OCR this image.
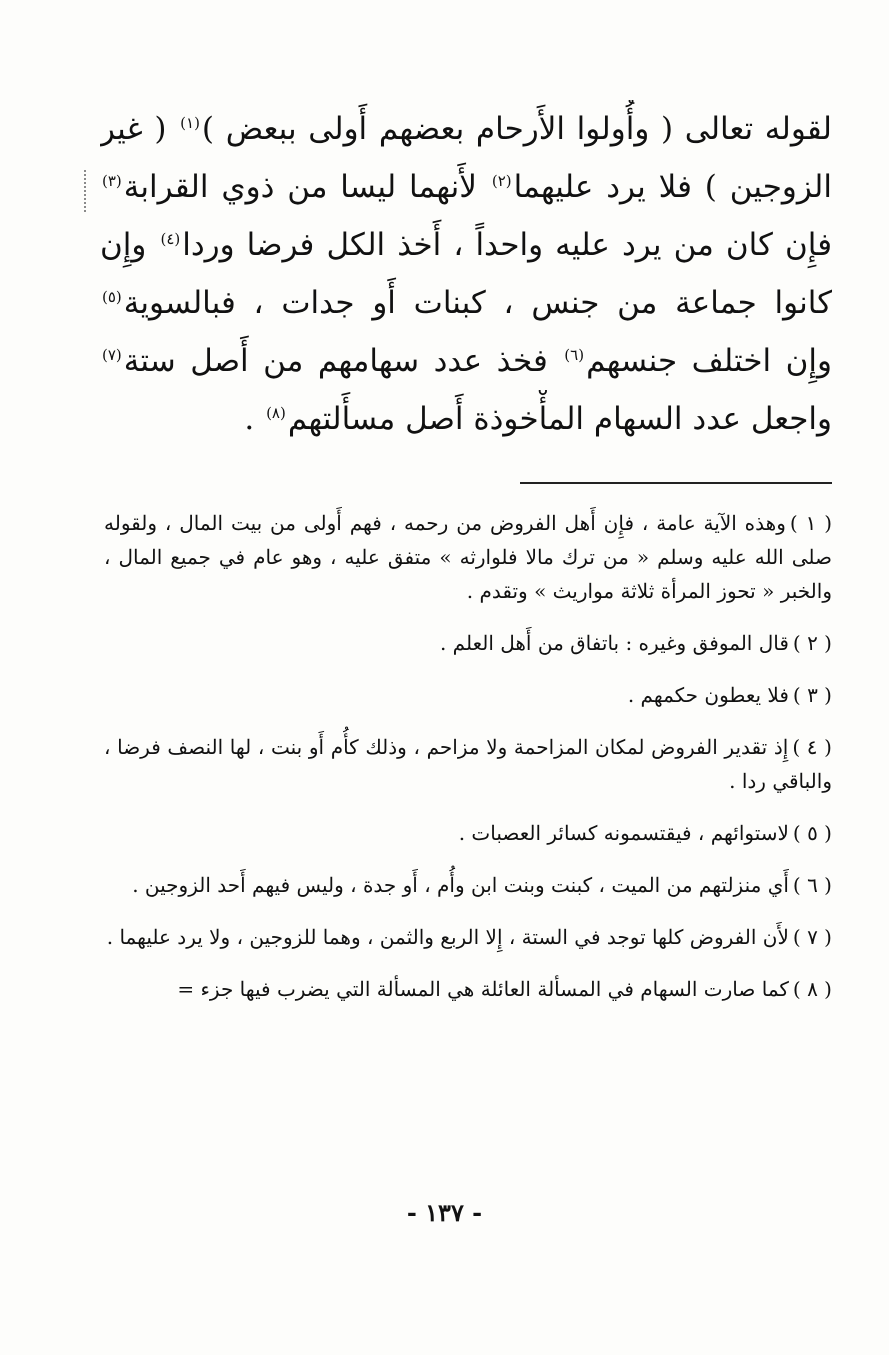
لقوله تعالى ( وأُولوا الأَرحام بعضهم أَولى ببعض )$^{(١)}$ ( غير
الزوجين ) فلا يرد عليهما$^{(٢)}$ لأَنهما ليسا من ذوي القرابة$^{(٣)}$
فإِن كان من يرد عليه واحداً ، أَخذ الكل فرضا وردا$^{(٤)}$ وإِن
كانوا جماعة من جنس ، كبنات أَو جدات ، فبالسوية$^{(٥)}$
وإِن اختلف جنسهم$^{(٦)}$ فخذ عدد سهامهم من أَصل ستة$^{(٧)}$
واجعل عدد السهام المأْخوذة أَصل مسأَلتهم$^{(٨)}$ .
( ١ )وهذه الآية عامة ، فإِن أَهل الفروض من رحمه ، فهم أَولى من بيت المال ، ولقوله صلى الله عليه وسلم « من ترك مالا فلوارثه » متفق عليه ، وهو عام في جميع المال ، والخبر « تحوز المرأة ثلاثة مواريث » وتقدم .
( ٢ )قال الموفق وغيره : باتفاق من أَهل العلم .
( ٣ )فلا يعطون حكمهم .
( ٤ )إِذ تقدير الفروض لمكان المزاحمة ولا مزاحم ، وذلك كأُم أَو بنت ، لها النصف فرضا ، والباقي ردا .
( ٥ )لاستوائهم ، فيقتسمونه كسائر العصبات .
( ٦ )أَي منزلتهم من الميت ، كبنت وبنت ابن وأُم ، أَو جدة ، وليس فيهم أَحد الزوجين .
( ٧ )لأَن الفروض كلها توجد في الستة ، إِلا الربع والثمن ، وهما للزوجين ، ولا يرد عليهما .
( ٨ )كما صارت السهام في المسألة العائلة هي المسألة التي يضرب فيها جزء =
- ١٣٧ -
